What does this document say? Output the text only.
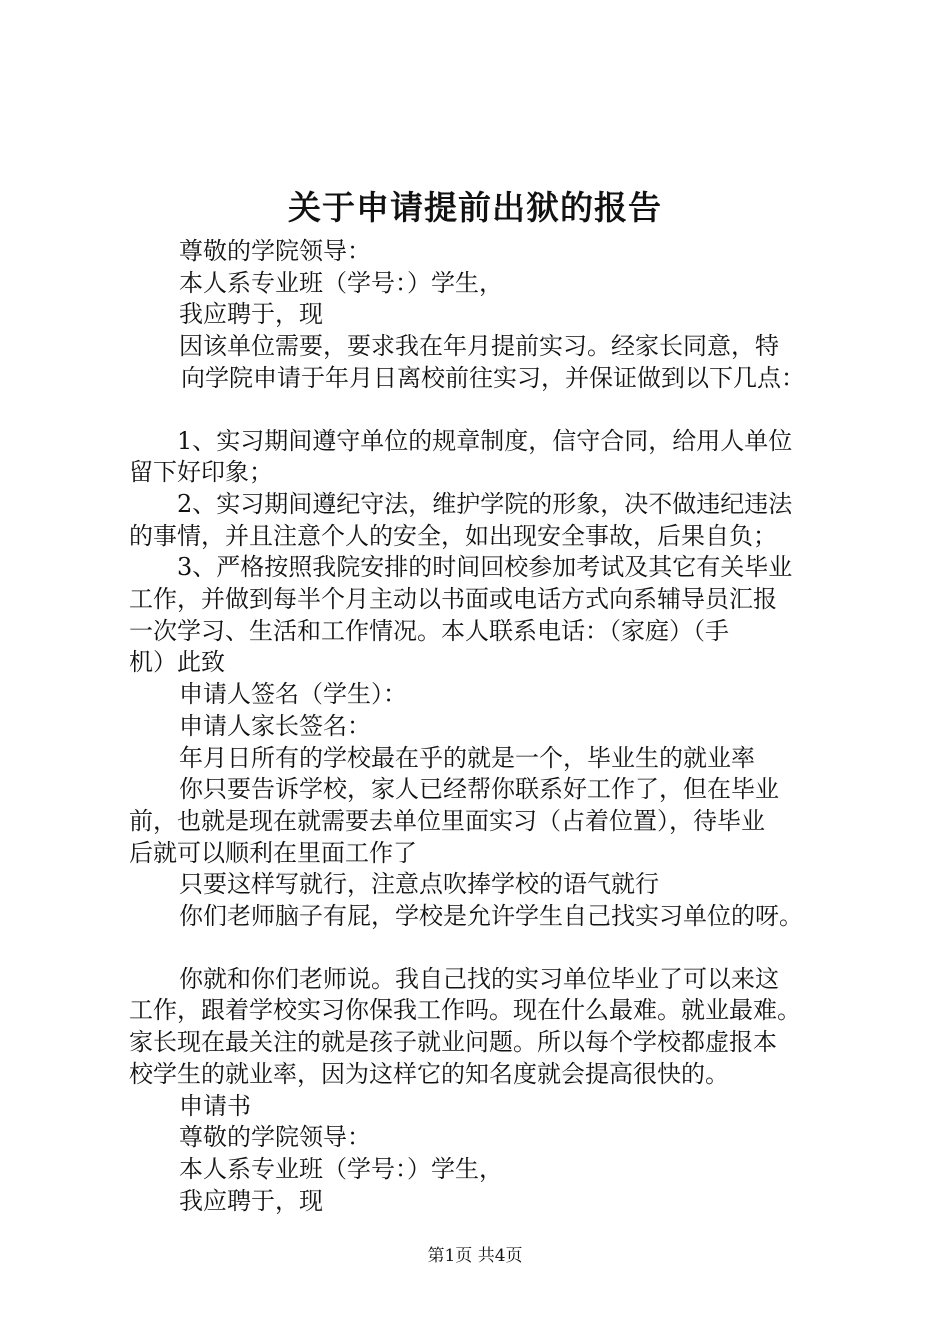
关于申请提前出狱的报告

尊敬的学院领导：

本人系专业班（学号：）学生，

我应聘于，现

因该单位需要，要求我在年月提前实习。经家长同意，特

向学院申请于年月日离校前往实习，并保证做到以下几点：

1、实习期间遵守单位的规章制度，信守合同，给用人单位

留下好印象；

2、实习期间遵纪守法，维护学院的形象，决不做违纪违法

的事情，并且注意个人的安全，如出现安全事故，后果自负；

3、严格按照我院安排的时间回校参加考试及其它有关毕业

工作，并做到每半个月主动以书面或电话方式向系辅导员汇报

一次学习、生活和工作情况。本人联系电话：（家庭）（手

机）此致

申请人签名（学生）：

申请人家长签名：

年月日所有的学校最在乎的就是一个，毕业生的就业率

你只要告诉学校，家人已经帮你联系好工作了，但在毕业

前，也就是现在就需要去单位里面实习（占着位置），待毕业

后就可以顺利在里面工作了

只要这样写就行，注意点吹捧学校的语气就行

你们老师脑子有屁，学校是允许学生自己找实习单位的呀。

你就和你们老师说。我自己找的实习单位毕业了可以来这

工作，跟着学校实习你保我工作吗。现在什么最难。就业最难。

家长现在最关注的就是孩子就业问题。所以每个学校都虚报本

校学生的就业率，因为这样它的知名度就会提高很快的。

申请书

尊敬的学院领导：

本人系专业班（学号：）学生，

我应聘于，现

第1页 共4页
